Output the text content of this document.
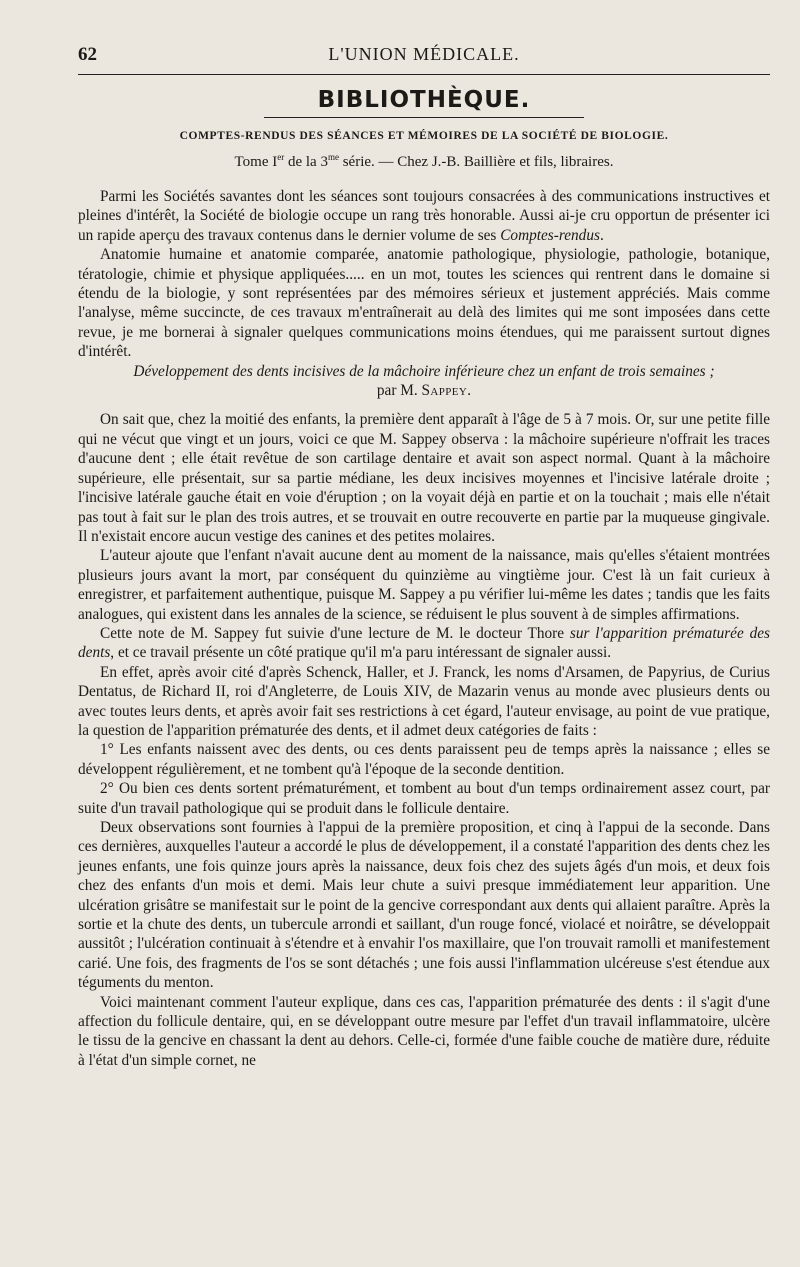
62	L'UNION MÉDICALE.
BIBLIOTHÈQUE.
COMPTES-RENDUS DES SÉANCES ET MÉMOIRES DE LA SOCIÉTÉ DE BIOLOGIE.
Tome Ier de la $3^{me}$ série. — Chez J.-B. Baillière et fils, libraires.

Parmi les Sociétés savantes dont les séances sont toujours consacrées à des communications instructives et pleines d'intérêt, la Société de biologie occupe un rang très honorable. Aussi ai-je cru opportun de présenter ici un rapide aperçu des travaux contenus dans le dernier volume de ses Comptes-rendus.

Anatomie humaine et anatomie comparée, anatomie pathologique, physiologie, pathologie, botanique, tératologie, chimie et physique appliquées..... en un mot, toutes les sciences qui rentrent dans le domaine si étendu de la biologie, y sont représentées par des mémoires sérieux et justement appréciés. Mais comme l'analyse, même succincte, de ces travaux m'entraînerait au delà des limites qui me sont imposées dans cette revue, je me bornerai à signaler quelques communications moins étendues, qui me paraissent surtout dignes d'intérêt.

Développement des dents incisives de la mâchoire inférieure chez un enfant de trois semaines ;

par M. Sappey.

On sait que, chez la moitié des enfants, la première dent apparaît à l'âge de 5 à 7 mois. Or, sur une petite fille qui ne vécut que vingt et un jours, voici ce que M. Sappey observa : la mâchoire supérieure n'offrait les traces d'aucune dent ; elle était revêtue de son cartilage dentaire et avait son aspect normal. Quant à la mâchoire supérieure, elle présentait, sur sa partie médiane, les deux incisives moyennes et l'incisive latérale droite ; l'incisive latérale gauche était en voie d'éruption ; on la voyait déjà en partie et on la touchait ; mais elle n'était pas tout à fait sur le plan des trois autres, et se trouvait en outre recouverte en partie par la muqueuse gingivale. Il n'existait encore aucun vestige des canines et des petites molaires.

L'auteur ajoute que l'enfant n'avait aucune dent au moment de la naissance, mais qu'elles s'étaient montrées plusieurs jours avant la mort, par conséquent du quinzième au vingtième jour. C'est là un fait curieux à enregistrer, et parfaitement authentique, puisque M. Sappey a pu vérifier lui-même les dates ; tandis que les faits analogues, qui existent dans les annales de la science, se réduisent le plus souvent à de simples affirmations.

Cette note de M. Sappey fut suivie d'une lecture de M. le docteur Thore sur l'apparition prématurée des dents, et ce travail présente un côté pratique qu'il m'a paru intéressant de signaler aussi.

En effet, après avoir cité d'après Schenck, Haller, et J. Franck, les noms d'Arsamen, de Papyrius, de Curius Dentatus, de Richard II, roi d'Angleterre, de Louis XIV, de Mazarin venus au monde avec plusieurs dents ou avec toutes leurs dents, et après avoir fait ses restrictions à cet égard, l'auteur envisage, au point de vue pratique, la question de l'apparition prématurée des dents, et il admet deux catégories de faits :

1° Les enfants naissent avec des dents, ou ces dents paraissent peu de temps après la naissance ; elles se développent régulièrement, et ne tombent qu'à l'époque de la seconde dentition.

2° Ou bien ces dents sortent prématurément, et tombent au bout d'un temps ordinairement assez court, par suite d'un travail pathologique qui se produit dans le follicule dentaire.

Deux observations sont fournies à l'appui de la première proposition, et cinq à l'appui de la seconde. Dans ces dernières, auxquelles l'auteur a accordé le plus de développement, il a constaté l'apparition des dents chez les jeunes enfants, une fois quinze jours après la naissance, deux fois chez des sujets âgés d'un mois, et deux fois chez des enfants d'un mois et demi. Mais leur chute a suivi presque immédiatement leur apparition. Une ulcération grisâtre se manifestait sur le point de la gencive correspondant aux dents qui allaient paraître. Après la sortie et la chute des dents, un tubercule arrondi et saillant, d'un rouge foncé, violacé et noirâtre, se développait aussitôt ; l'ulcération continuait à s'étendre et à envahir l'os maxillaire, que l'on trouvait ramolli et manifestement carié. Une fois, des fragments de l'os se sont détachés ; une fois aussi l'inflammation ulcéreuse s'est étendue aux téguments du menton.

Voici maintenant comment l'auteur explique, dans ces cas, l'apparition prématurée des dents : il s'agit d'une affection du follicule dentaire, qui, en se développant outre mesure par l'effet d'un travail inflammatoire, ulcère le tissu de la gencive en chassant la dent au dehors. Celle-ci, formée d'une faible couche de matière dure, réduite à l'état d'un simple cornet, ne
